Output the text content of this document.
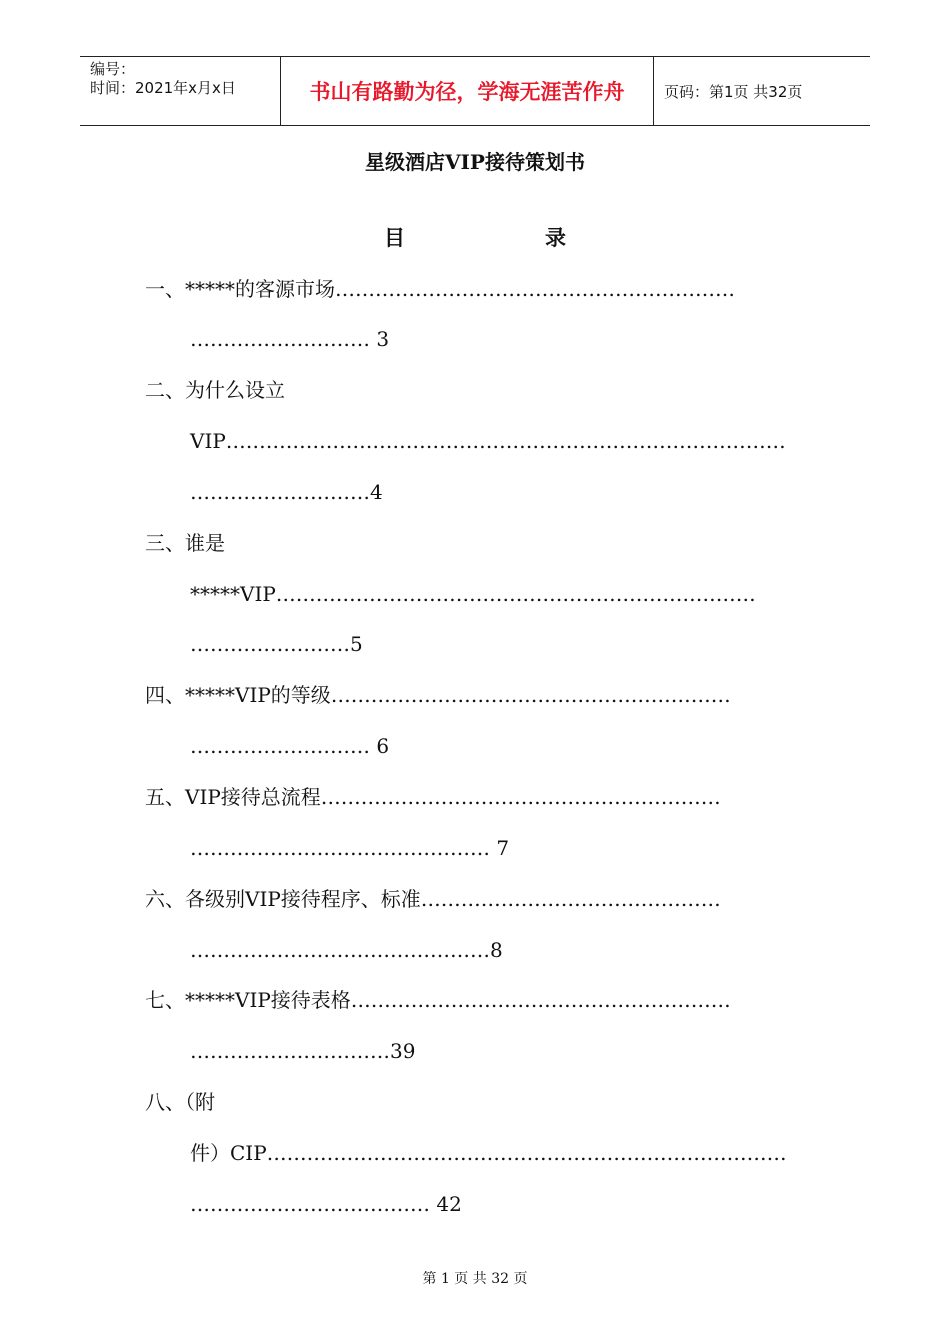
编号：
时间：2021年x月x日	书山有路勤为径，学海无涯苦作舟	页码：第1页 共32页
星级酒店VIP接待策划书
目	录
一、*****的客源市场……………………………………………………
……………………… 3
二、为什么设立
VIP…………………………………………………………………………
………………………4
三、谁是
*****VIP………………………………………………………………
……………………5
四、*****VIP的等级……………………………………………………
……………………… 6
五、VIP接待总流程……………………………………………………
……………………………………… 7
六、各级别VIP接待程序、标准………………………………………
………………………………………8
七、*****VIP接待表格…………………………………………………
…………………………39
八、（附
件）CIP……………………………………………………………………
……………………………… 42
第 1 页 共 32 页
